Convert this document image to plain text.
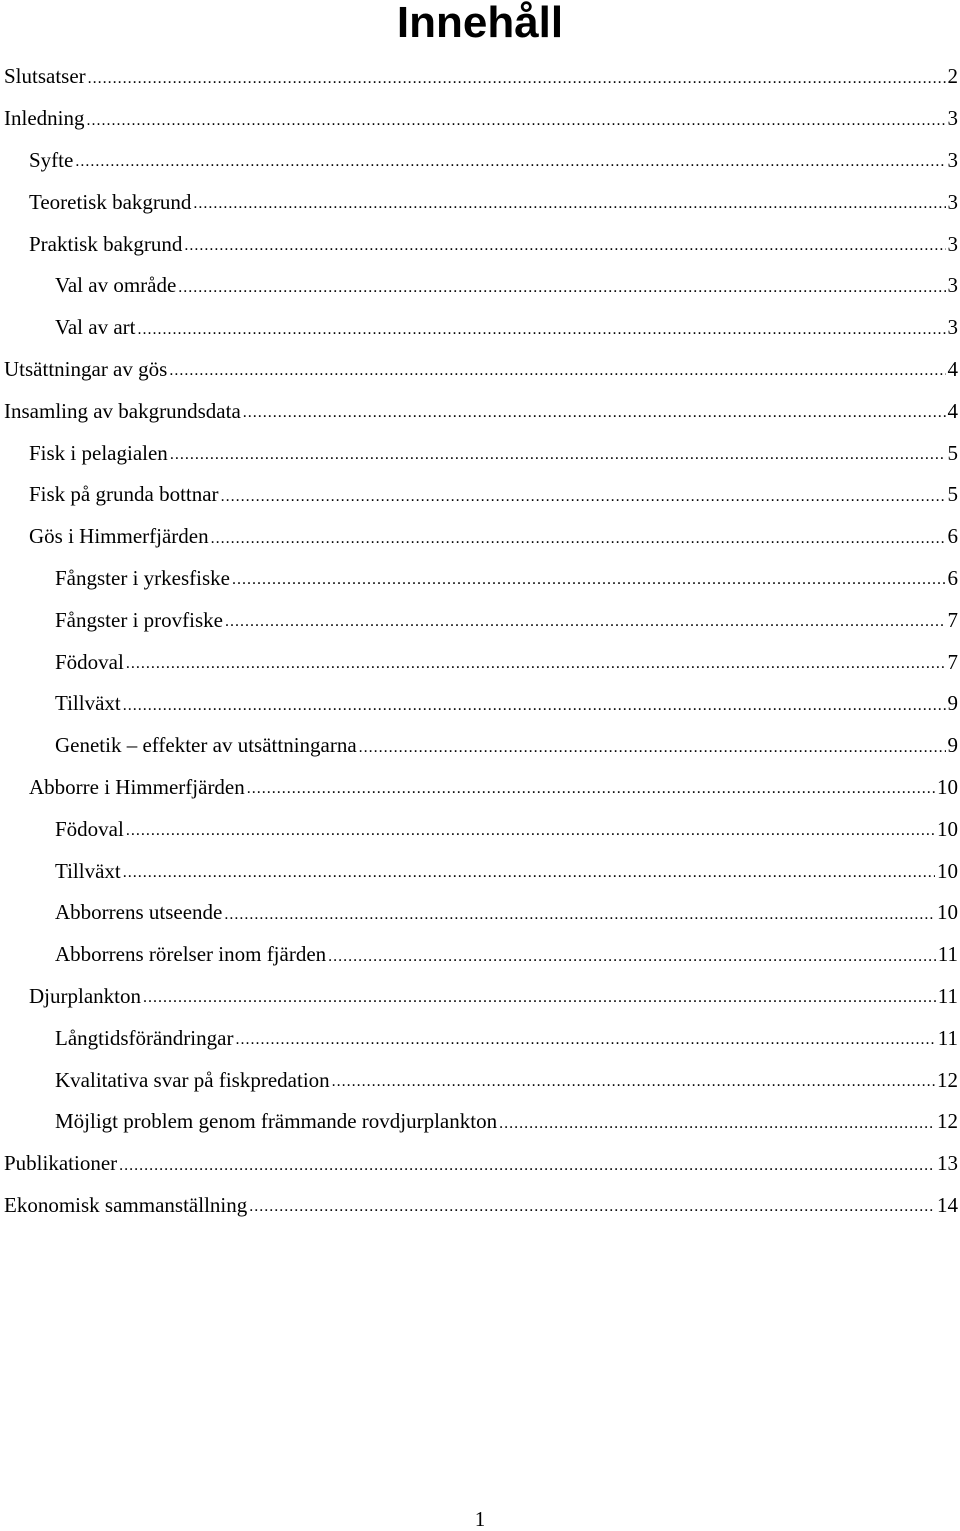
Innehåll
Slutsatser .....	2
Inledning .....	3
Syfte .....	3
Teoretisk bakgrund .....	3
Praktisk bakgrund .....	3
Val av område .....	3
Val av art .....	3
Utsättningar av gös .....	4
Insamling av bakgrundsdata .....	4
Fisk i pelagialen .....	5
Fisk på grunda bottnar .....	5
Gös i Himmerfjärden .....	6
Fångster i yrkesfiske .....	6
Fångster i provfiske .....	7
Födoval .....	7
Tillväxt .....	9
Genetik – effekter av utsättningarna .....	9
Abborre i Himmerfjärden .....	10
Födoval .....	10
Tillväxt .....	10
Abborrens utseende .....	10
Abborrens rörelser inom fjärden .....	11
Djurplankton .....	11
Långtidsförändringar .....	11
Kvalitativa svar på fiskpredation .....	12
Möjligt problem genom främmande rovdjurplankton .....	12
Publikationer .....	13
Ekonomisk sammanställning .....	14
1
